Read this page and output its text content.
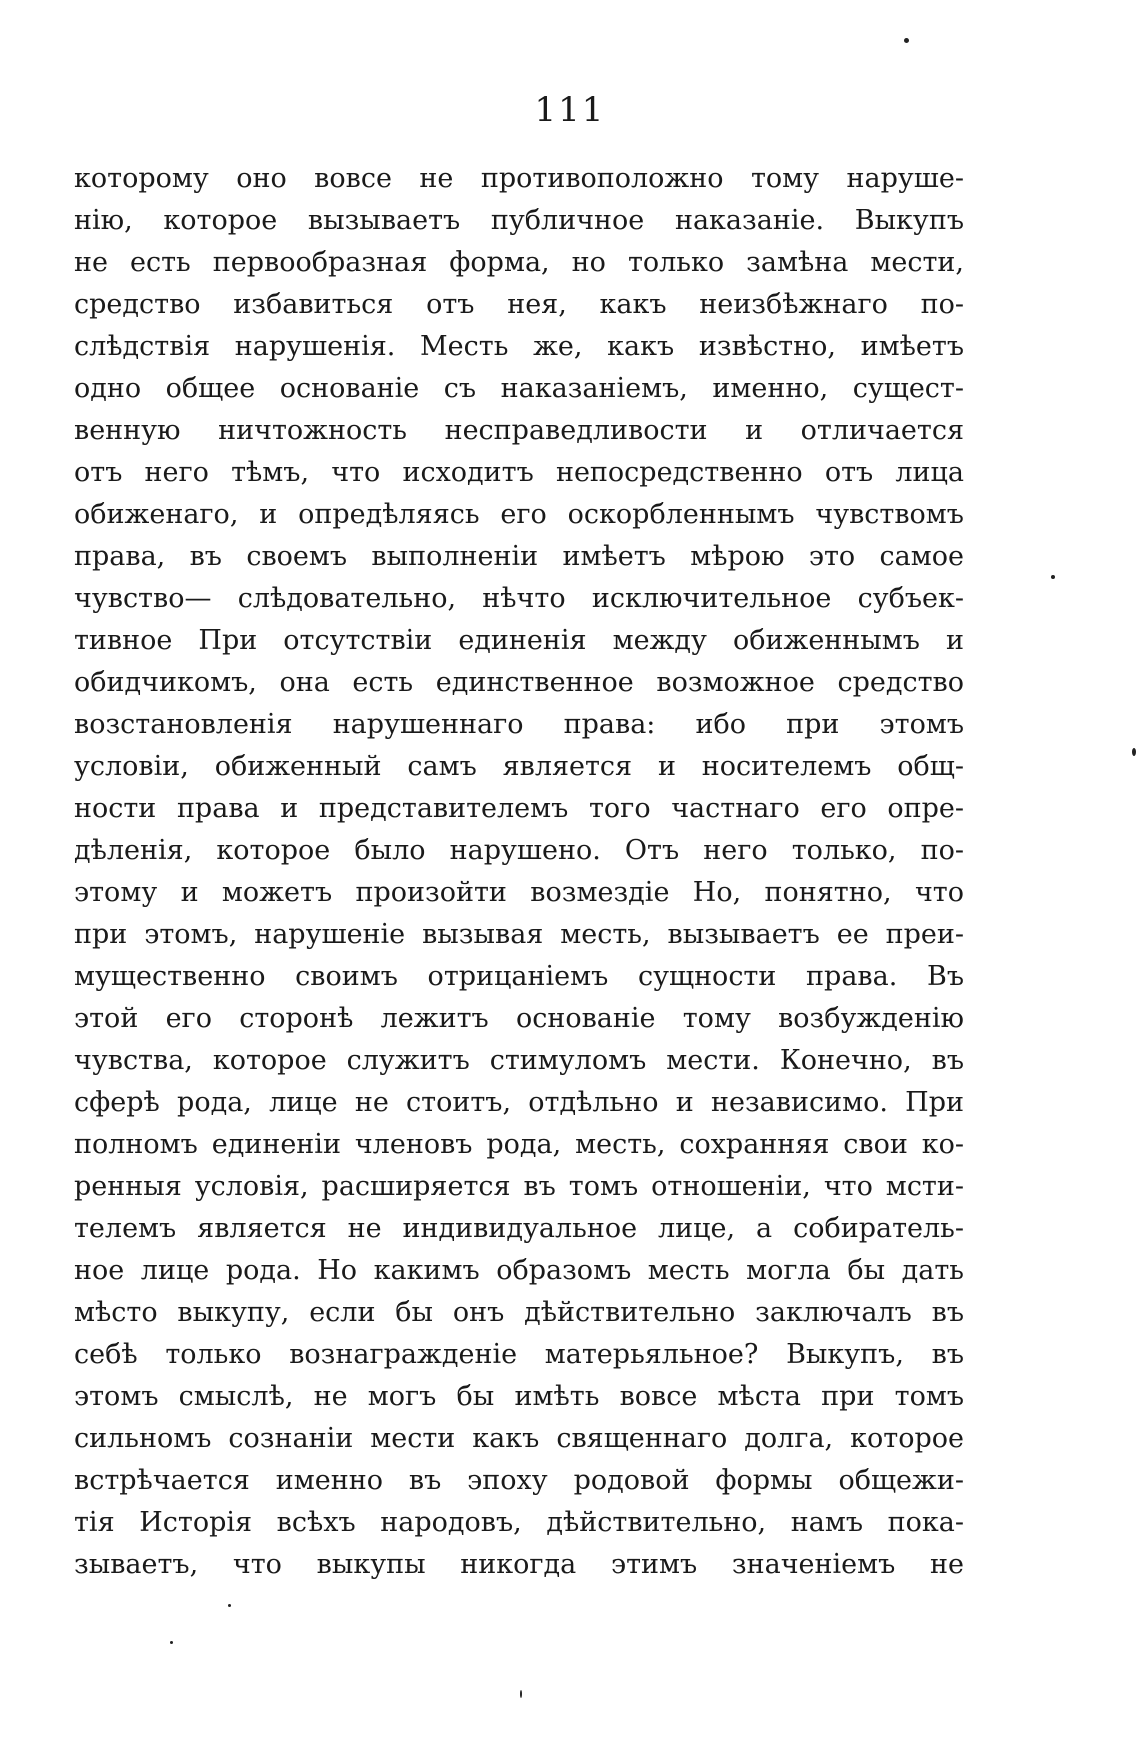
111
которому оно вовсе не противоположно тому наруше-
нію, которое вызываетъ публичное наказаніе. Выкупъ
не есть первообразная форма, но только замѣна мести,
средство избавиться отъ нея, какъ неизбѣжнаго по-
слѣдствія нарушенія. Месть же, какъ извѣстно, имѣетъ
одно общее основаніе съ наказаніемъ, именно, сущест-
венную ничтожность несправедливости и отличается
отъ него тѣмъ, что исходитъ непосредственно отъ лица
обиженаго, и опредѣляясь его оскорбленнымъ чувствомъ
права, въ своемъ выполненіи имѣетъ мѣрою это самое
чувство— слѣдовательно, нѣчто исключительное субъек-
тивное При отсутствіи единенія между обиженнымъ и
обидчикомъ, она есть единственное возможное средство
возстановленія нарушеннаго права: ибо при этомъ
условіи, обиженный самъ является и носителемъ общ-
ности права и представителемъ того частнаго его опре-
дѣленія, которое было нарушено. Отъ него только, по-
этому и можетъ произойти возмездіе Но, понятно, что
при этомъ, нарушеніе вызывая месть, вызываетъ ее преи-
мущественно своимъ отрицаніемъ сущности права. Въ
этой его сторонѣ лежитъ основаніе тому возбужденію
чувства, которое служитъ стимуломъ мести. Конечно, въ
сферѣ рода, лице не стоитъ, отдѣльно и независимо. При
полномъ единеніи членовъ рода, месть, сохранняя свои ко-
ренныя условія, расширяется въ томъ отношеніи, что мсти-
телемъ является не индивидуальное лице, а собиратель-
ное лице рода. Но какимъ образомъ месть могла бы дать
мѣсто выкупу, если бы онъ дѣйствительно заключалъ въ
себѣ только вознагражденіе матерьяльное? Выкупъ, въ
этомъ смыслѣ, не могъ бы имѣть вовсе мѣста при томъ
сильномъ сознаніи мести какъ священнаго долга, которое
встрѣчается именно въ эпоху родовой формы общежи-
тія Исторія всѣхъ народовъ, дѣйствительно, намъ пока-
зываетъ, что выкупы никогда этимъ значеніемъ не
